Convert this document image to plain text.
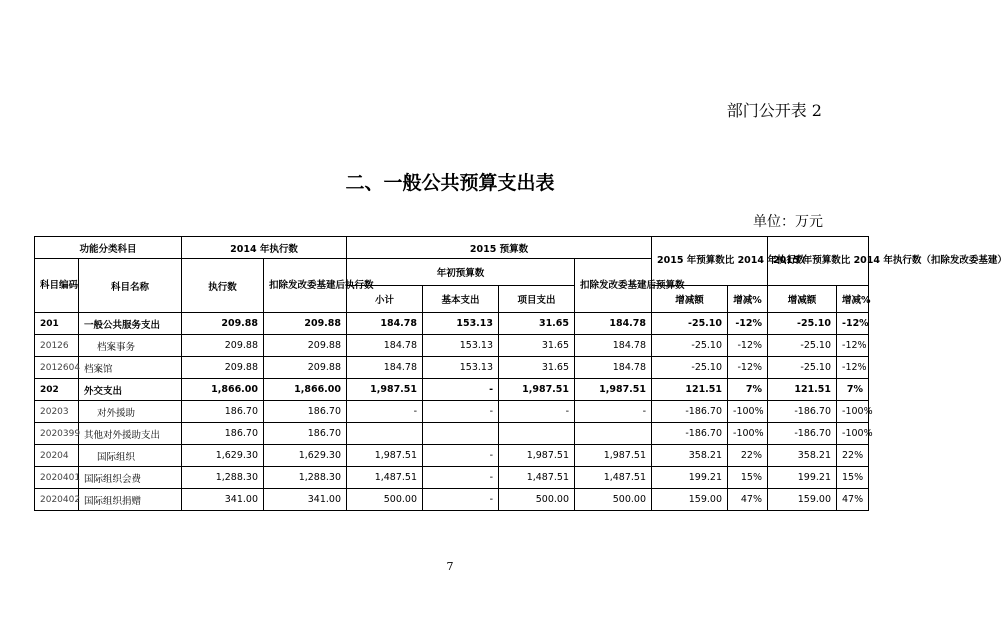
部门公开表 2
二、一般公共预算支出表
单位：万元
功能分类科目		2014 年执行数		2015 预算数				2015 年预算数比 2014 年执行数		2015 年预算数比 2014 年执行数（扣除发改委基建）	
科目编码	科目名称	执行数	扣除发改委基建后执行数	年初预算数			扣除发改委基建后预算数				
				小计	基本支出	项目支出		增减额	增减%	增减额	增减%
201	一般公共服务支出	209.88	209.88	184.78	153.13	31.65	184.78	-25.10	-12%	-25.10	-12%
20126	档案事务	209.88	209.88	184.78	153.13	31.65	184.78	-25.10	-12%	-25.10	-12%
2012604	档案馆	209.88	209.88	184.78	153.13	31.65	184.78	-25.10	-12%	-25.10	-12%
202	外交支出	1,866.00	1,866.00	1,987.51	-	1,987.51	1,987.51	121.51	7%	121.51	7%
20203	对外援助	186.70	186.70	-	-	-	-	-186.70	-100%	-186.70	-100%
2020399	其他对外援助支出	186.70	186.70					-186.70	-100%	-186.70	-100%
20204	国际组织	1,629.30	1,629.30	1,987.51	-	1,987.51	1,987.51	358.21	22%	358.21	22%
2020401	国际组织会费	1,288.30	1,288.30	1,487.51	-	1,487.51	1,487.51	199.21	15%	199.21	15%
2020402	国际组织捐赠	341.00	341.00	500.00	-	500.00	500.00	159.00	47%	159.00	47%
7
